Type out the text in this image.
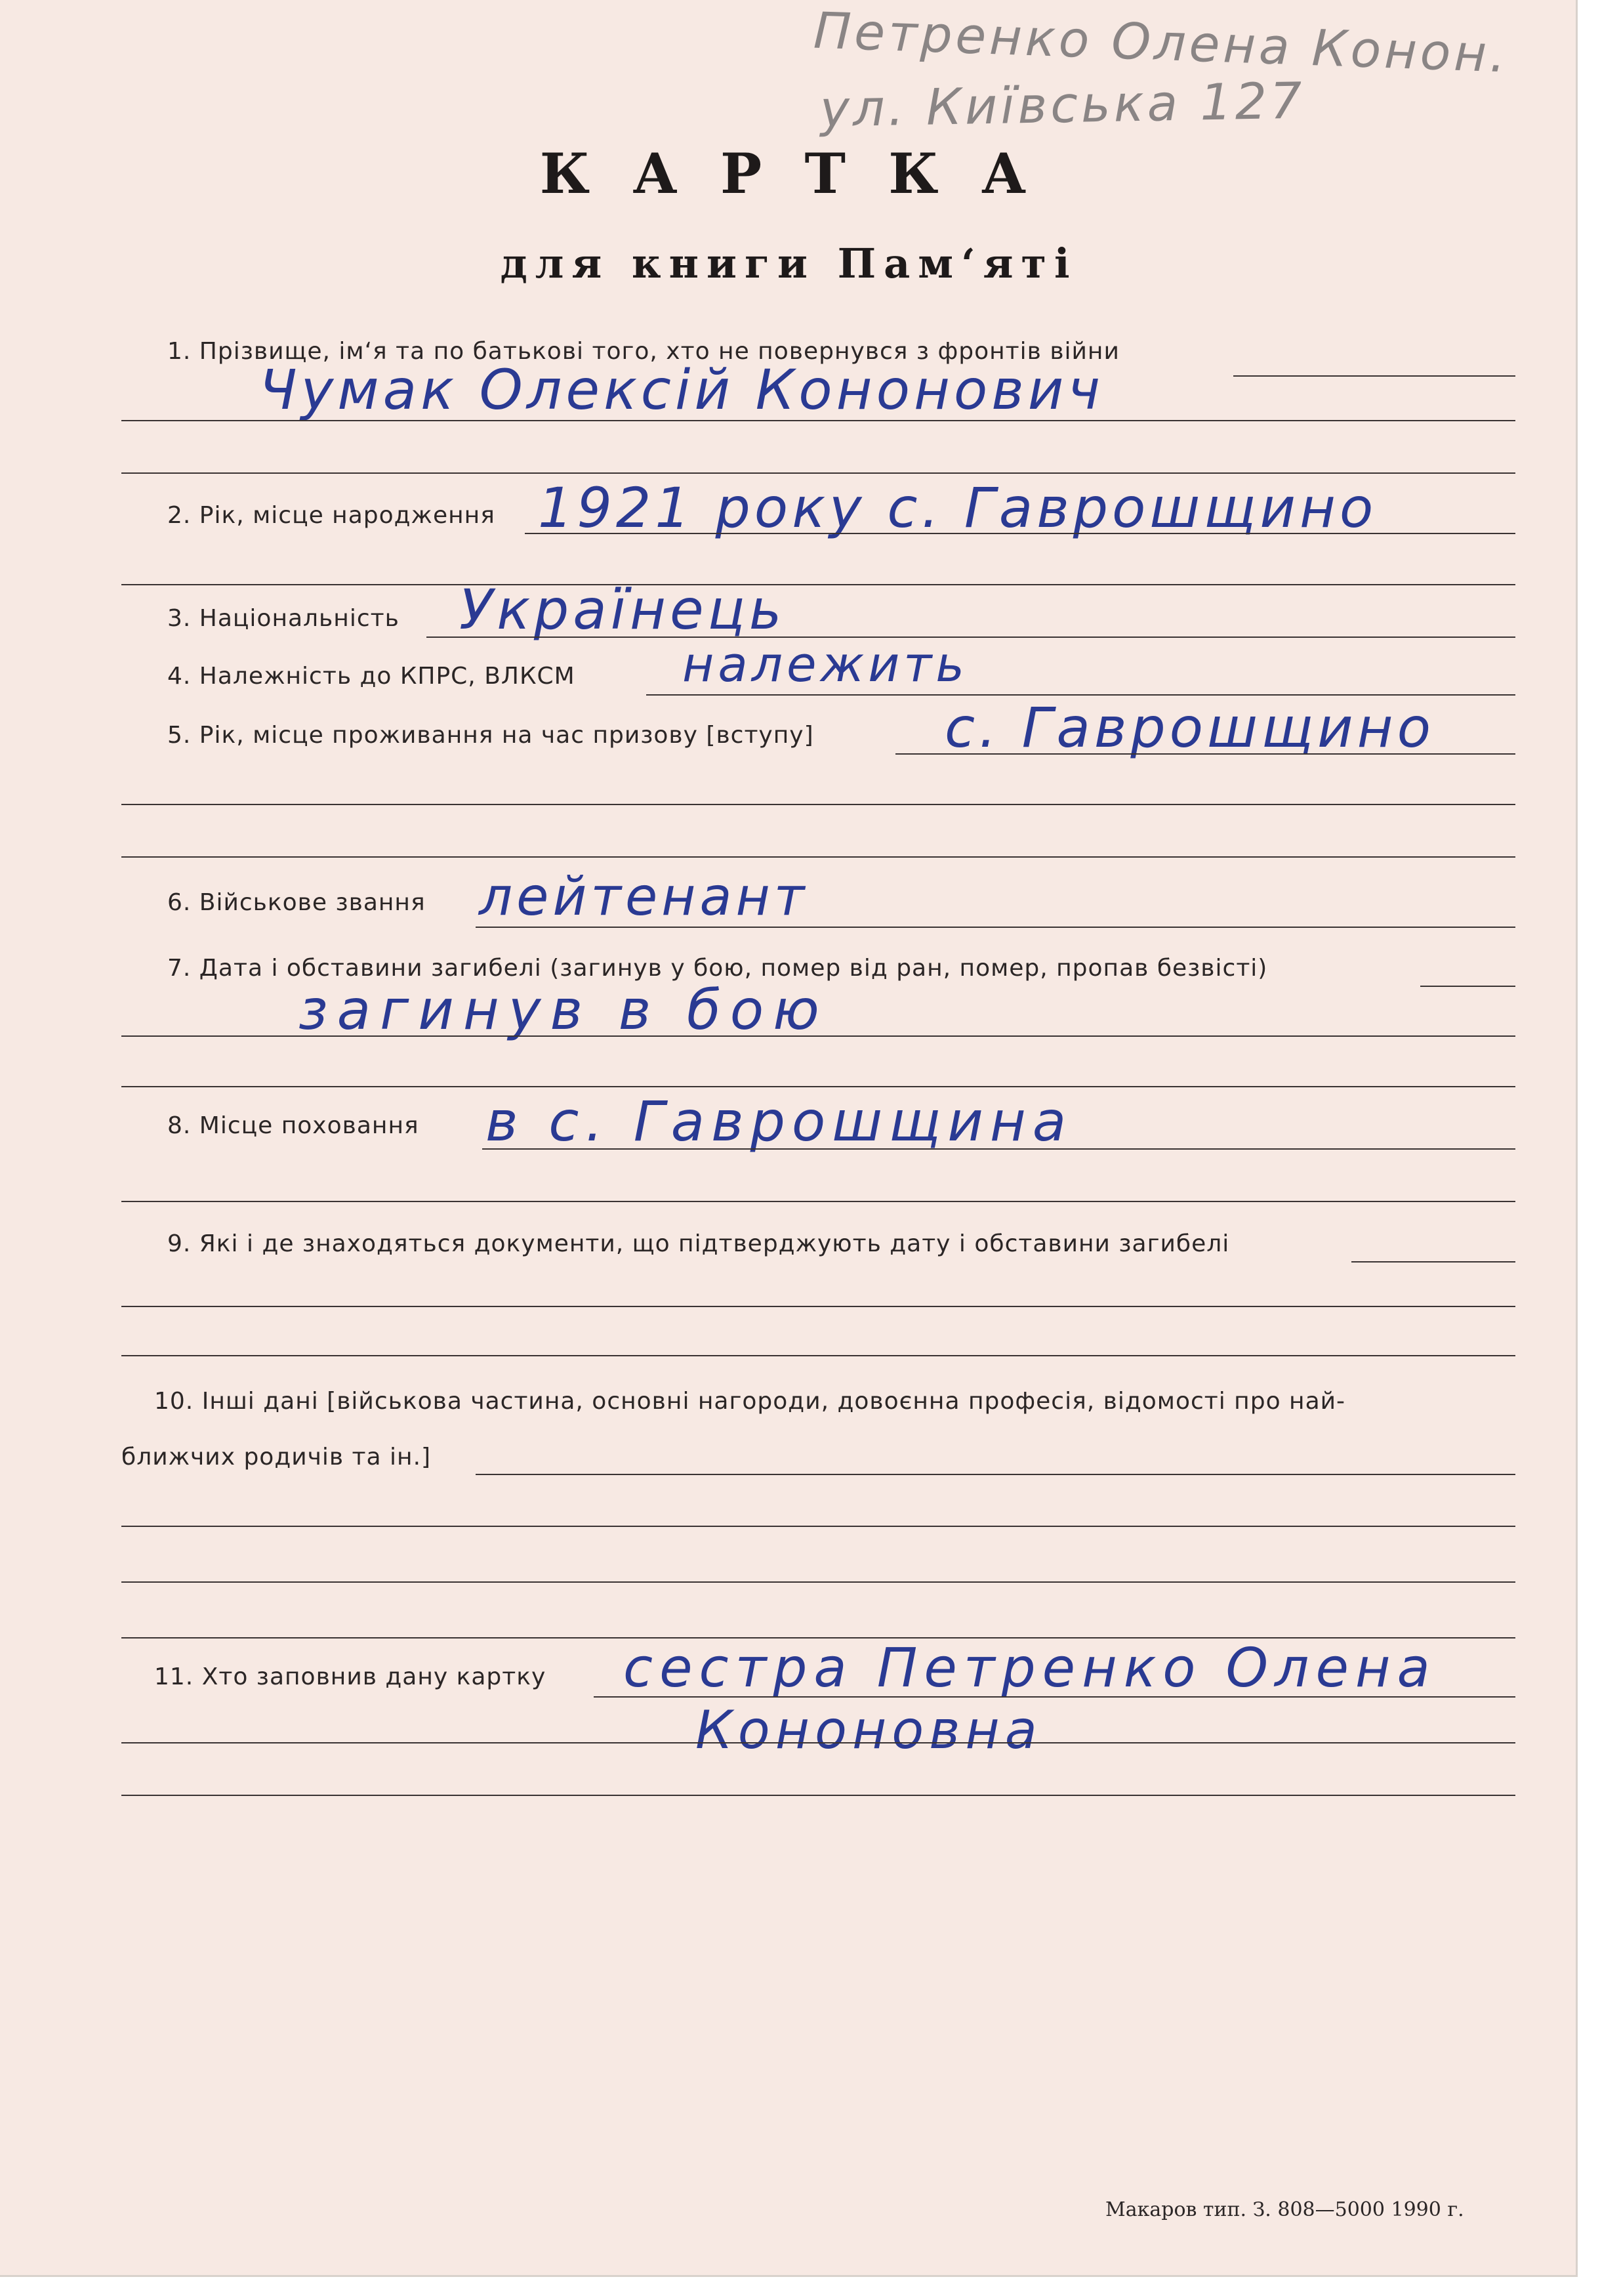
Петренко Олена Конон.
ул. Київська 127
К А Р Т К А
для книги Пам‘яті
1. Прізвище, ім‘я та по батькові того, хто не повернувся з фронтів війни
Чумак Олексій Кононович
2. Рік, місце народження 1921 року с. Гаврошщино
3. Національність Українець
4. Належність до КПРС, ВЛКСМ належить
5. Рік, місце проживання на час призову [вступу] с. Гаврошщино
6. Військове звання лейтенант
7. Дата і обставини загибелі (загинув у бою, помер від ран, помер, пропав безвісті)
загинув в бою
8. Місце поховання в с. Гаврошщина
9. Які і де знаходяться документи, що підтверджують дату і обставини загибелі
10. Інші дані [військова частина, основні нагороди, довоєнна професія, відомості про най-
ближчих родичів та ін.]
11. Хто заповнив дану картку сестра Петренко Олена
Кононовна
Макаров тип. З. 808—5000 1990 г.
